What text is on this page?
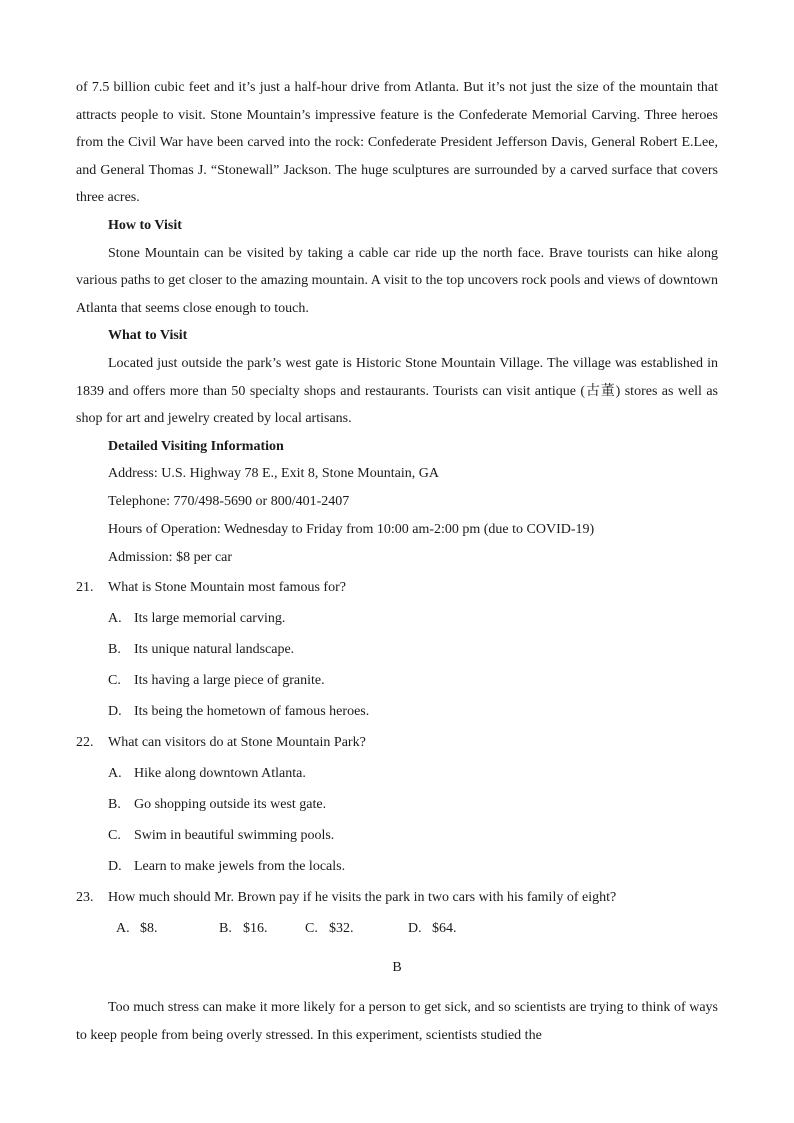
of 7.5 billion cubic feet and it’s just a half-hour drive from Atlanta. But it’s not just the size of the mountain that attracts people to visit. Stone Mountain’s impressive feature is the Confederate Memorial Carving. Three heroes from the Civil War have been carved into the rock: Confederate President Jefferson Davis, General Robert E.Lee, and General Thomas J. “Stonewall” Jackson. The huge sculptures are surrounded by a carved surface that covers three acres.

How to Visit

Stone Mountain can be visited by taking a cable car ride up the north face. Brave tourists can hike along various paths to get closer to the amazing mountain. A visit to the top uncovers rock pools and views of downtown Atlanta that seems close enough to touch.

What to Visit

Located just outside the park’s west gate is Historic Stone Mountain Village. The village was established in 1839 and offers more than 50 specialty shops and restaurants. Tourists can visit antique (古董) stores as well as shop for art and jewelry created by local artisans.

Detailed Visiting Information

Address: U.S. Highway 78 E., Exit 8, Stone Mountain, GA

Telephone: 770/498-5690 or 800/401-2407

Hours of Operation: Wednesday to Friday from 10:00 am-2:00 pm (due to COVID-19)

Admission: $8 per car

21.	What is Stone Mountain most famous for?

A. Its large memorial carving.

B. Its unique natural landscape.

C. Its having a large piece of granite.

D. Its being the hometown of famous heroes.

22.	What can visitors do at Stone Mountain Park?

A. Hike along downtown Atlanta.

B. Go shopping outside its west gate.

C. Swim in beautiful swimming pools.

D. Learn to make jewels from the locals.

23.	How much should Mr. Brown pay if he visits the park in two cars with his family of eight?

A. $8.	B. $16.	C. $32.	D. $64.

B

Too much stress can make it more likely for a person to get sick, and so scientists are trying to think of ways to keep people from being overly stressed. In this experiment, scientists studied the
